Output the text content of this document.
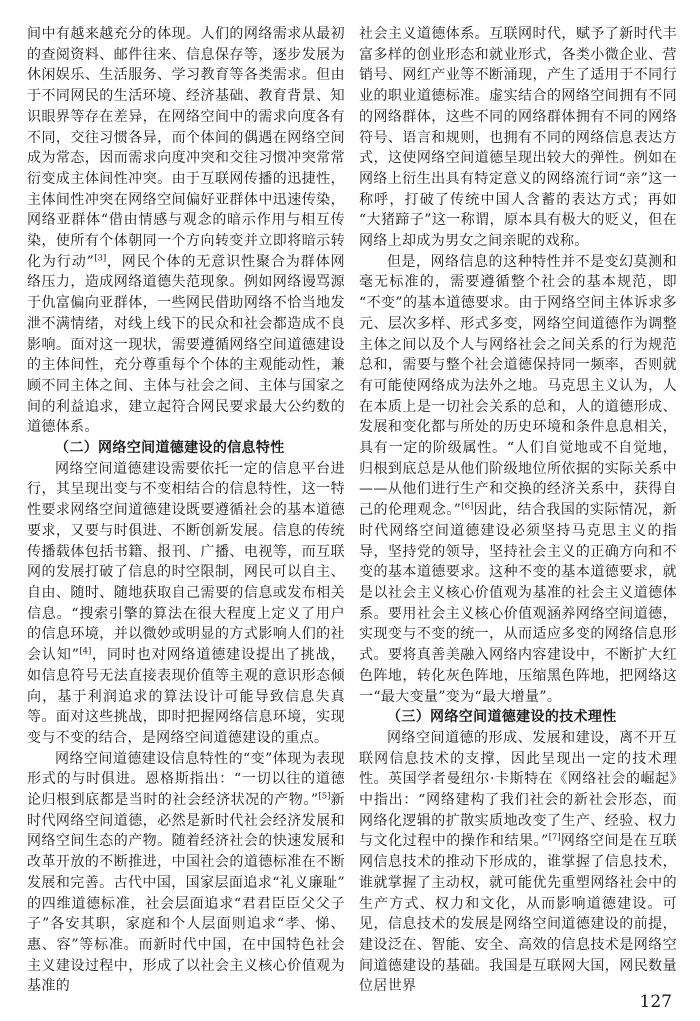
间中有越来越充分的体现。人们的网络需求从最初的查阅资料、邮件往来、信息保存等，逐步发展为休闲娱乐、生活服务、学习教育等各类需求。但由于不同网民的生活环境、经济基础、教育背景、知识眼界等存在差异，在网络空间中的需求向度各有不同，交往习惯各异，而个体间的偶遇在网络空间成为常态，因而需求向度冲突和交往习惯冲突常常衍变成主体间性冲突。由于互联网传播的迅捷性，主体间性冲突在网络空间偏好亚群体中迅速传染，网络亚群体“借由情感与观念的暗示作用与相互传染，使所有个体朝同一个方向转变并立即将暗示转化为行动”[3]，网民个体的无意识性聚合为群体网络压力，造成网络道德失范现象。例如网络谩骂源于仇富偏向亚群体，一些网民借助网络不恰当地发泄不满情绪，对线上线下的民众和社会都造成不良影响。面对这一现状，需要遵循网络空间道德建设的主体间性，充分尊重每个个体的主观能动性，兼顾不同主体之间、主体与社会之间、主体与国家之间的利益追求，建立起符合网民要求最大公约数的道德体系。

（二）网络空间道德建设的信息特性

网络空间道德建设需要依托一定的信息平台进行，其呈现出变与不变相结合的信息特性，这一特性要求网络空间道德建设既要遵循社会的基本道德要求，又要与时俱进、不断创新发展。信息的传统传播载体包括书籍、报刊、广播、电视等，而互联网的发展打破了信息的时空限制，网民可以自主、自由、随时、随地获取自己需要的信息或发布相关信息。“搜索引擎的算法在很大程度上定义了用户的信息环境，并以微妙或明显的方式影响人们的社会认知”[4]，同时也对网络道德建设提出了挑战，如信息符号无法直接表现价值等主观的意识形态倾向，基于利润追求的算法设计可能导致信息失真等。面对这些挑战，即时把握网络信息环境，实现变与不变的结合，是网络空间道德建设的重点。

网络空间道德建设信息特性的“变”体现为表现形式的与时俱进。恩格斯指出：“一切以往的道德论归根到底都是当时的社会经济状况的产物。”[5]新时代网络空间道德，必然是新时代社会经济发展和网络空间生态的产物。随着经济社会的快速发展和改革开放的不断推进，中国社会的道德标准在不断发展和完善。古代中国，国家层面追求“礼义廉耻”的四维道德标准，社会层面追求“君君臣臣父父子子”各安其职，家庭和个人层面则追求“孝、悌、惠、容”等标准。而新时代中国，在中国特色社会主义建设过程中，形成了以社会主义核心价值观为基准的

社会主义道德体系。互联网时代，赋予了新时代丰富多样的创业形态和就业形式，各类小微企业、营销号、网红产业等不断涌现，产生了适用于不同行业的职业道德标准。虚实结合的网络空间拥有不同的网络群体，这些不同的网络群体拥有不同的网络符号、语言和规则，也拥有不同的网络信息表达方式，这使网络空间道德呈现出较大的弹性。例如在网络上衍生出具有特定意义的网络流行词“亲”这一称呼，打破了传统中国人含蓄的表达方式；再如“大猪蹄子”这一称谓，原本具有极大的贬义，但在网络上却成为男女之间亲昵的戏称。

但是，网络信息的这种特性并不是变幻莫测和毫无标准的，需要遵循整个社会的基本规范，即“不变”的基本道德要求。由于网络空间主体诉求多元、层次多样、形式多变，网络空间道德作为调整主体之间以及个人与网络社会之间关系的行为规范总和，需要与整个社会道德保持同一频率，否则就有可能使网络成为法外之地。马克思主义认为，人在本质上是一切社会关系的总和，人的道德形成、发展和变化都与所处的历史环境和条件息息相关，具有一定的阶级属性。“人们自觉地或不自觉地，归根到底总是从他们阶级地位所依据的实际关系中——从他们进行生产和交换的经济关系中，获得自己的伦理观念。”[6]因此，结合我国的实际情况，新时代网络空间道德建设必须坚持马克思主义的指导，坚持党的领导，坚持社会主义的正确方向和不变的基本道德要求。这种不变的基本道德要求，就是以社会主义核心价值观为基准的社会主义道德体系。要用社会主义核心价值观涵养网络空间道德，实现变与不变的统一，从而适应多变的网络信息形式。要将真善美融入网络内容建设中，不断扩大红色阵地，转化灰色阵地，压缩黑色阵地，把网络这一“最大变量”变为“最大增量”。

（三）网络空间道德建设的技术理性

网络空间道德的形成、发展和建设，离不开互联网信息技术的支撑，因此呈现出一定的技术理性。英国学者曼纽尔·卡斯特在《网络社会的崛起》中指出：“网络建构了我们社会的新社会形态，而网络化逻辑的扩散实质地改变了生产、经验、权力与文化过程中的操作和结果。”[7]网络空间是在互联网信息技术的推动下形成的，谁掌握了信息技术，谁就掌握了主动权，就可能优先重塑网络社会中的生产方式、权力和文化，从而影响道德建设。可见，信息技术的发展是网络空间道德建设的前提，建设泛在、智能、安全、高效的信息技术是网络空间道德建设的基础。我国是互联网大国，网民数量位居世界

127
